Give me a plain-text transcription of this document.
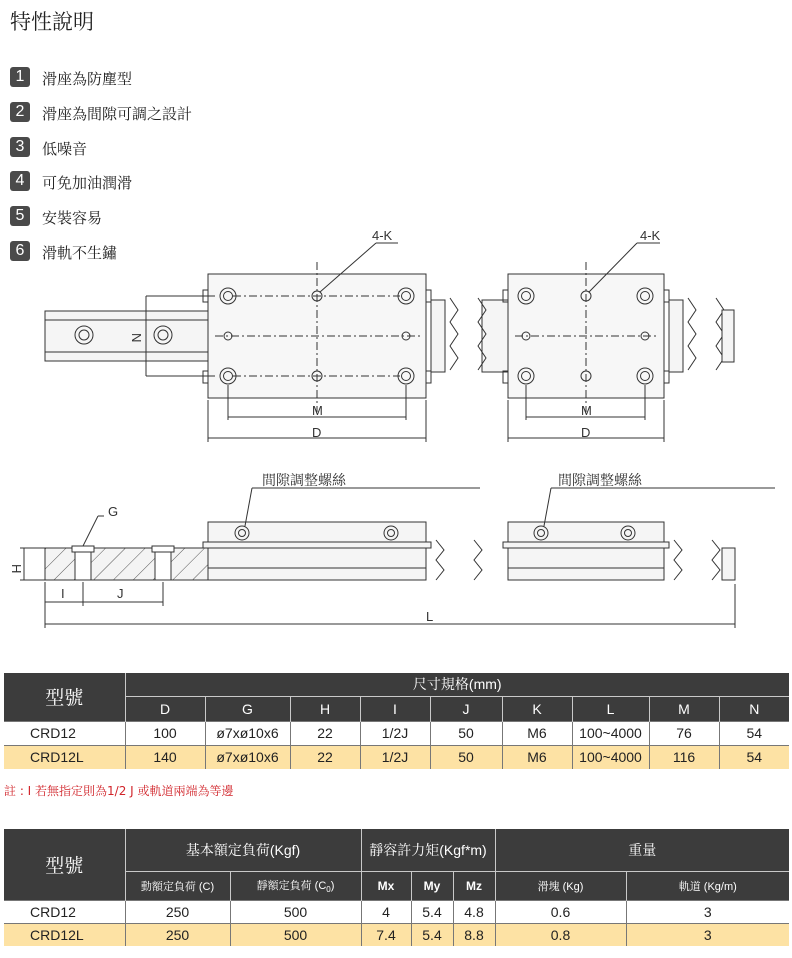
特性說明
1	滑座為防塵型
2	滑座為間隙可調之設計
3	低噪音
4	可免加油潤滑
5	安裝容易
6	滑軌不生鏽
4-K	4-K
N
M
D
M
D
間隙調整螺絲	間隙調整螺絲
G
H
I	J
L
型號	尺寸規格(mm)								
	D	G	H	I	J	K	L	M	N
CRD12	100	ø7xø10x6	22	1/2J	50	M6	100~4000	76	54
CRD12L	140	ø7xø10x6	22	1/2J	50	M6	100~4000	116	54
註 : I 若無指定則為1/2 J 或軌道兩端為等邊
型號	基本額定負荷(Kgf)		靜容許力矩(Kgf*m)			重量	
	動額定負荷 (C)	靜額定負荷 $(C_0)$	Mx	My	Mz	滑塊 (Kg)	軌道 (Kg/m)
CRD12	250	500	4	5.4	4.8	0.6	3
CRD12L	250	500	7.4	5.4	8.8	0.8	3
